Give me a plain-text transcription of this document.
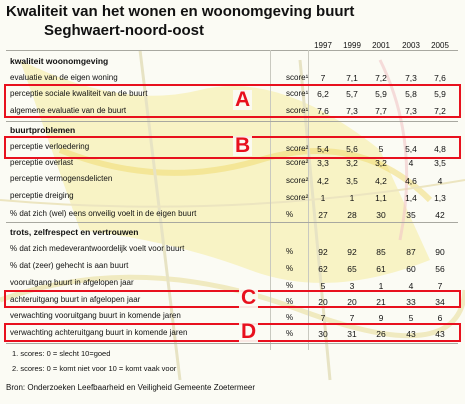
Kwaliteit van het wonen en woonomgeving buurt
Seghwaert-noord-oost
1997	1999	2001	2003	2005
kwaliteit woonomgeving
evaluatie van de eigen woning	score¹	7	7,1	7,2	7,3	7,6
perceptie sociale kwaliteit van de buurt	score¹	6,2	5,7	5,9	5,8	5,9
algemene evaluatie van de buurt	score¹	7,6	7,3	7,7	7,3	7,2
buurtproblemen
perceptie verloedering	score²	5,4	5,6	5	5,4	4,8
perceptie overlast	score²	3,3	3,2	3,2	4	3,5
perceptie vermogensdelicten	score²	4,2	3,5	4,2	4,6	4
perceptie dreiging	score²	1	1	1,1	1,4	1,3
% dat zich (wel) eens onveilig voelt in de eigen buurt	%	27	28	30	35	42
trots, zelfrespect en vertrouwen
% dat zich medeverantwoordelijk voelt voor buurt	%	92	92	85	87	90
% dat (zeer) gehecht is aan buurt	%	62	65	61	60	56
vooruitgang buurt in afgelopen jaar	%	5	3	1	4	7
achteruitgang buurt in afgelopen jaar	%	20	20	21	33	34
verwachting vooruitgang buurt in komende jaren	%	7	7	9	5	6
verwachting achteruitgang buurt in komende jaren	%	30	31	26	43	43
A
B
C
D
1. scores: 0 = slecht 10=goed
2. scores: 0 = komt niet voor 10 = komt vaak voor
Bron: Onderzoeken Leefbaarheid en Veiligheid Gemeente Zoetermeer
